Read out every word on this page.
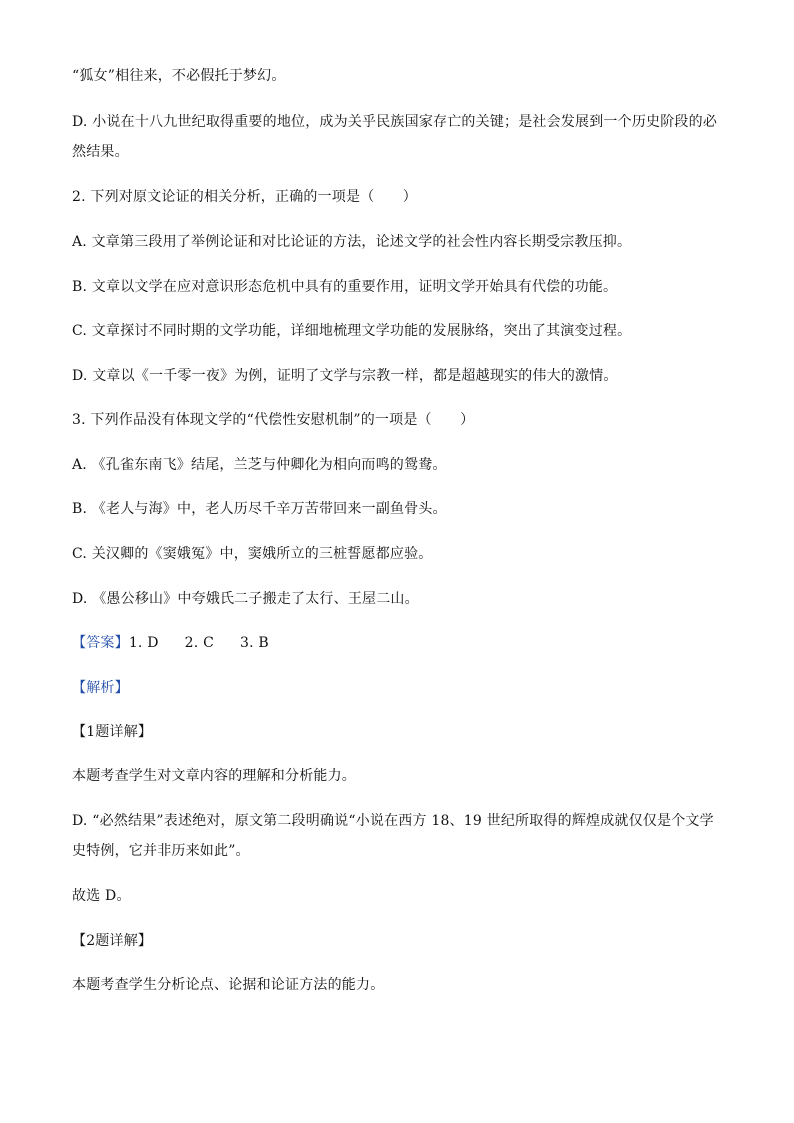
“狐女”相往来，不必假托于梦幻。
D. 小说在十八九世纪取得重要的地位，成为关乎民族国家存亡的关键；是社会发展到一个历史阶段的必
然结果。
2. 下列对原文论证的相关分析，正确的一项是（　　）
A. 文章第三段用了举例论证和对比论证的方法，论述文学的社会性内容长期受宗教压抑。
B. 文章以文学在应对意识形态危机中具有的重要作用，证明文学开始具有代偿的功能。
C. 文章探讨不同时期的文学功能，详细地梳理文学功能的发展脉络，突出了其演变过程。
D. 文章以《一千零一夜》为例，证明了文学与宗教一样，都是超越现实的伟大的激情。
3. 下列作品没有体现文学的“代偿性安慰机制”的一项是（　　）
A. 《孔雀东南飞》结尾，兰芝与仲卿化为相向而鸣的鸳鸯。
B. 《老人与海》中，老人历尽千辛万苦带回来一副鱼骨头。
C. 关汉卿的《窦娥冤》中，窦娥所立的三桩誓愿都应验。
D. 《愚公移山》中夸娥氏二子搬走了太行、王屋二山。
【答案】1. D 2. C 3. B
【解析】
【1题详解】
本题考查学生对文章内容的理解和分析能力。
D. “必然结果”表述绝对，原文第二段明确说“小说在西方 18、19 世纪所取得的辉煌成就仅仅是个文学
史特例，它并非历来如此”。
故选 D。
【2题详解】
本题考查学生分析论点、论据和论证方法的能力。
